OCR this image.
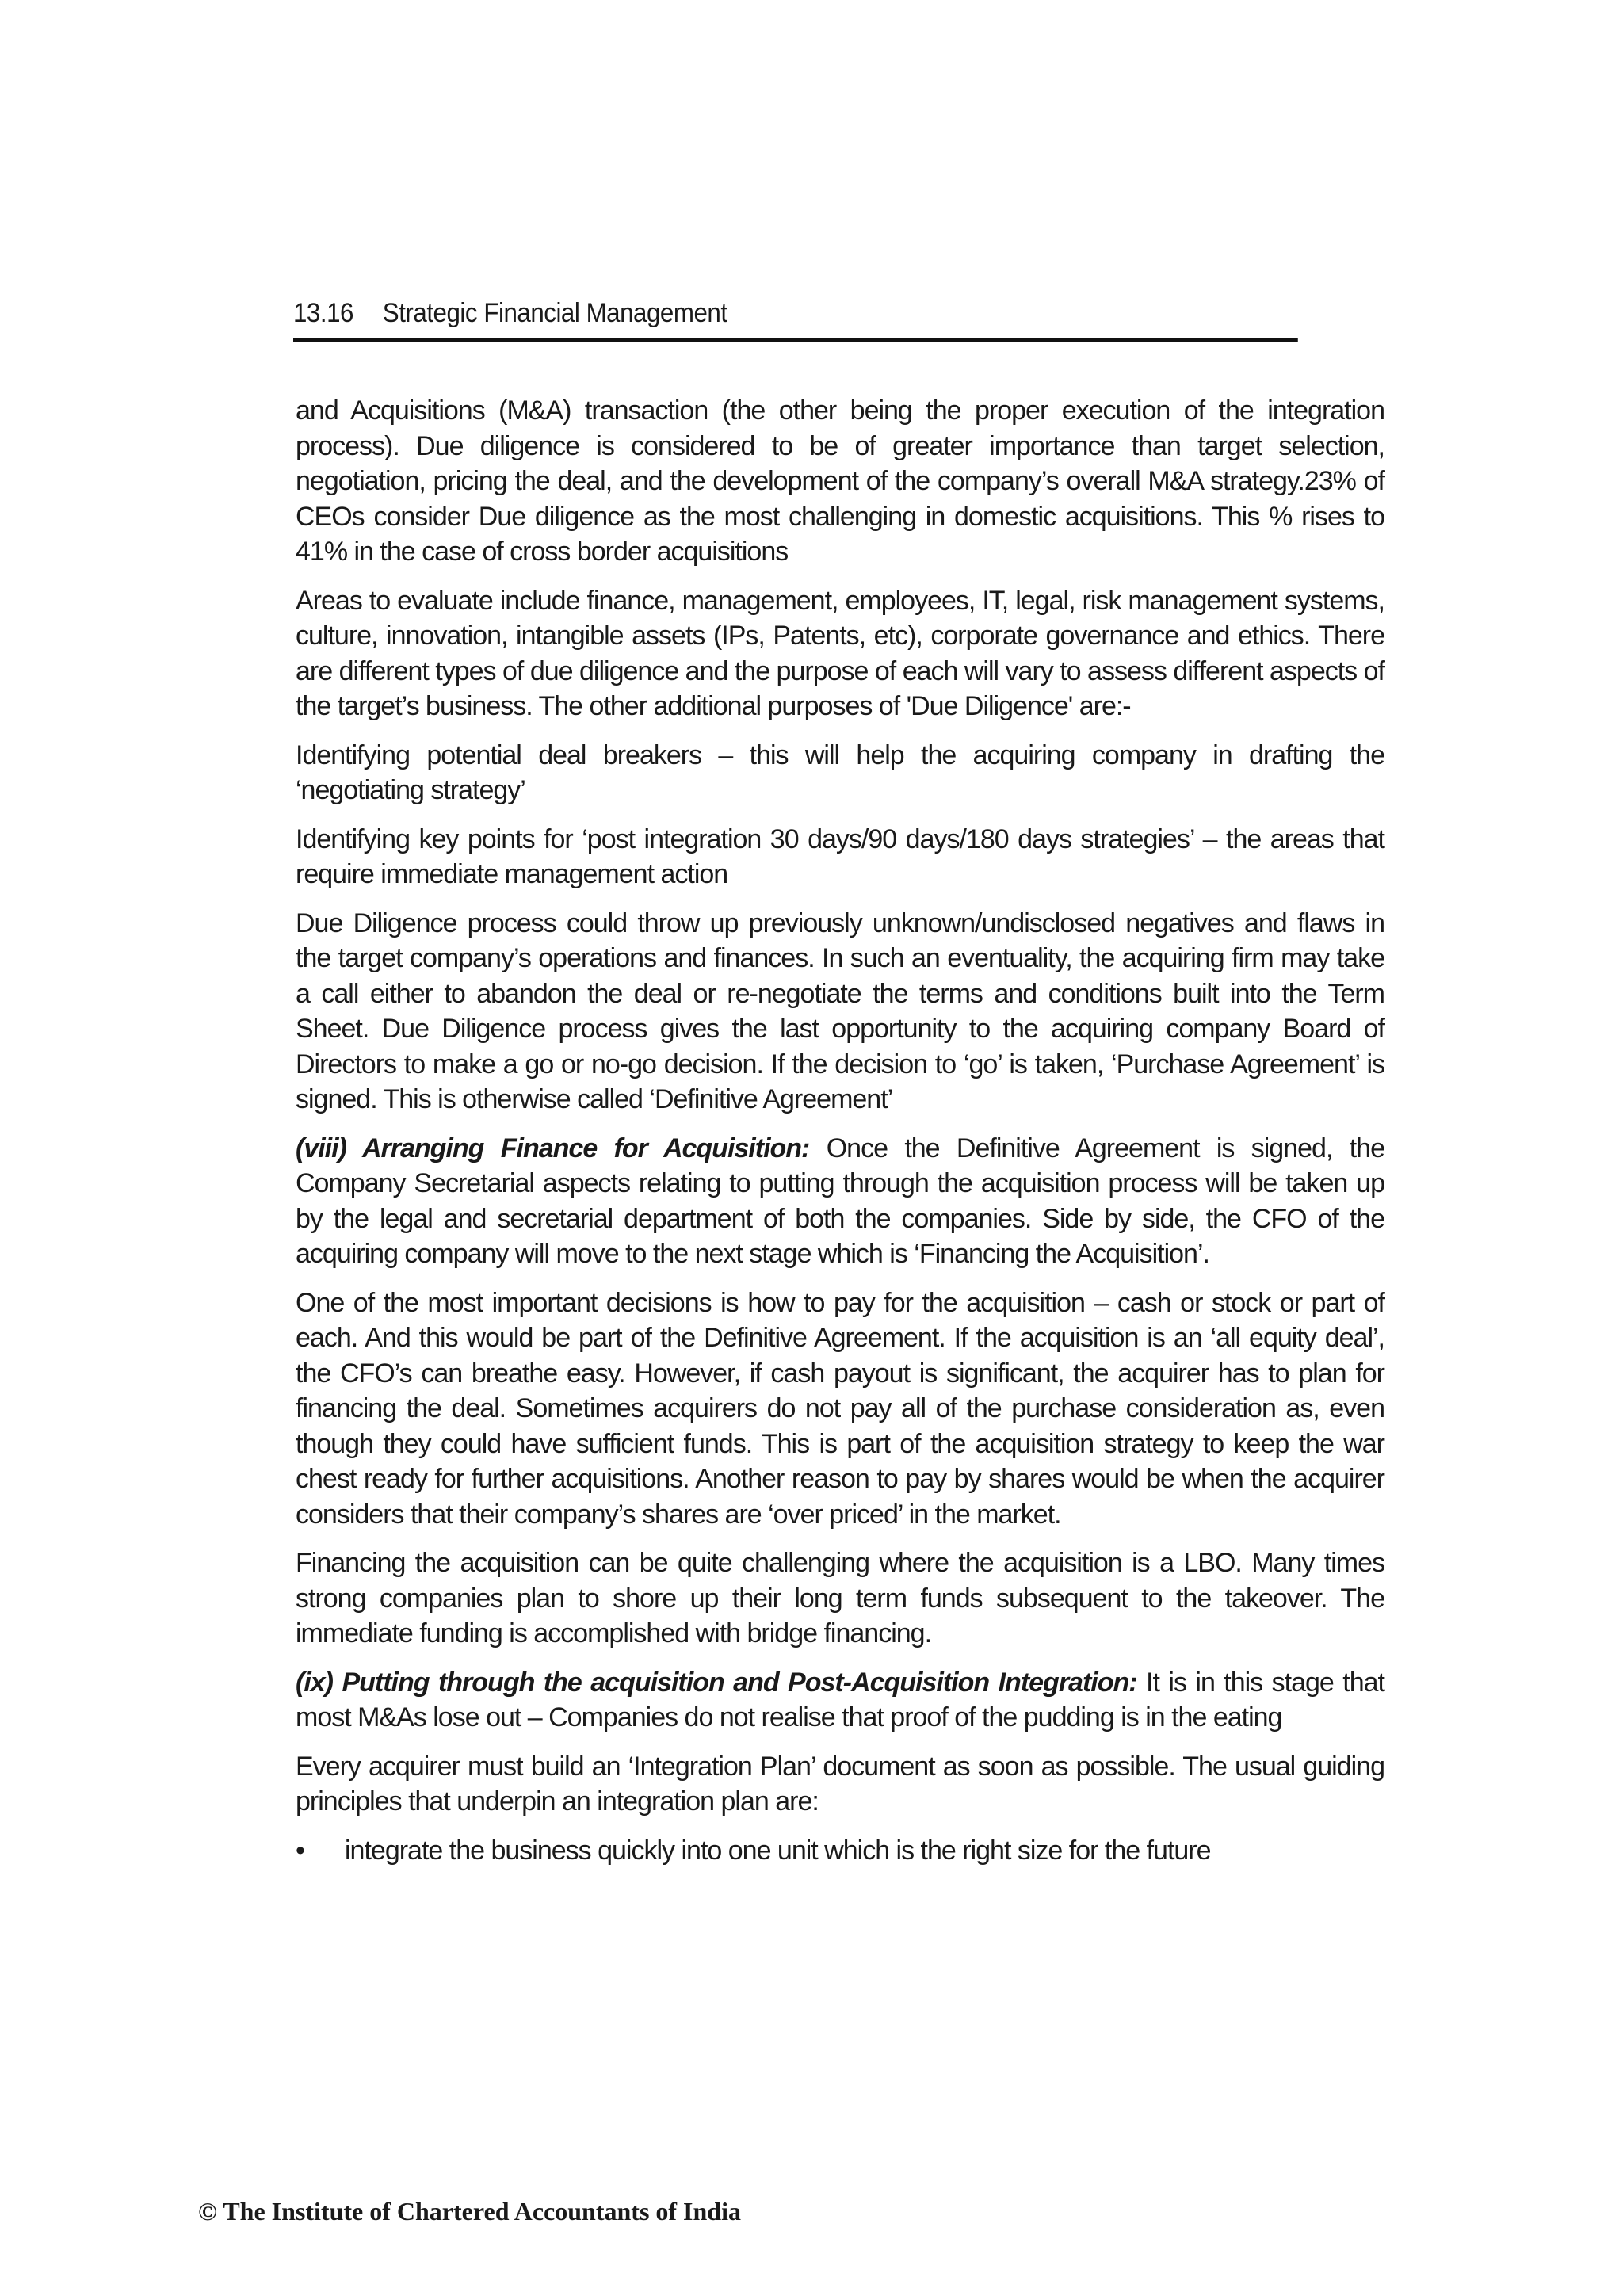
13.16 Strategic Financial Management

and Acquisitions (M&A) transaction (the other being the proper execution of the integration process). Due diligence is considered to be of greater importance than target selection, negotiation, pricing the deal, and the development of the company’s overall M&A strategy.23% of CEOs consider Due diligence as the most challenging in domestic acquisitions. This % rises to 41% in the case of cross border acquisitions

Areas to evaluate include finance, management, employees, IT, legal, risk management systems, culture, innovation, intangible assets (IPs, Patents, etc), corporate governance and ethics. There are different types of due diligence and the purpose of each will vary to assess different aspects of the target’s business. The other additional purposes of 'Due Diligence' are:-

Identifying potential deal breakers – this will help the acquiring company in drafting the ‘negotiating strategy’

Identifying key points for ‘post integration 30 days/90 days/180 days strategies’ – the areas that require immediate management action

Due Diligence process could throw up previously unknown/undisclosed negatives and flaws in the target company’s operations and finances. In such an eventuality, the acquiring firm may take a call either to abandon the deal or re-negotiate the terms and conditions built into the Term Sheet. Due Diligence process gives the last opportunity to the acquiring company Board of Directors to make a go or no-go decision. If the decision to ‘go’ is taken, ‘Purchase Agreement’ is signed. This is otherwise called ‘Definitive Agreement’

(viii) Arranging Finance for Acquisition: Once the Definitive Agreement is signed, the Company Secretarial aspects relating to putting through the acquisition process will be taken up by the legal and secretarial department of both the companies. Side by side, the CFO of the acquiring company will move to the next stage which is ‘Financing the Acquisition’.

One of the most important decisions is how to pay for the acquisition – cash or stock or part of each. And this would be part of the Definitive Agreement. If the acquisition is an ‘all equity deal’, the CFO’s can breathe easy. However, if cash payout is significant, the acquirer has to plan for financing the deal. Sometimes acquirers do not pay all of the purchase consideration as, even though they could have sufficient funds. This is part of the acquisition strategy to keep the war chest ready for further acquisitions. Another reason to pay by shares would be when the acquirer considers that their company’s shares are ‘over priced’ in the market.

Financing the acquisition can be quite challenging where the acquisition is a LBO. Many times strong companies plan to shore up their long term funds subsequent to the takeover. The immediate funding is accomplished with bridge financing.

(ix) Putting through the acquisition and Post-Acquisition Integration: It is in this stage that most M&As lose out – Companies do not realise that proof of the pudding is in the eating

Every acquirer must build an ‘Integration Plan’ document as soon as possible. The usual guiding principles that underpin an integration plan are:

• integrate the business quickly into one unit which is the right size for the future
© The Institute of Chartered Accountants of India
